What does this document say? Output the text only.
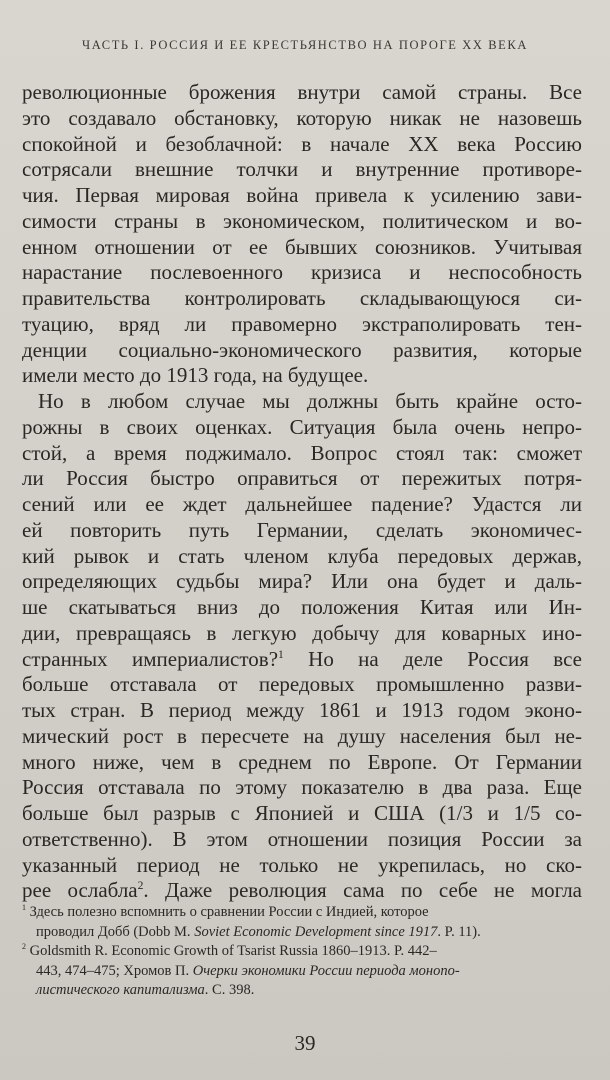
ЧАСТЬ I. РОССИЯ И ЕЕ КРЕСТЬЯНСТВО НА ПОРОГЕ XX ВЕКА
революционные брожения внутри самой страны. Все
это создавало обстановку, которую никак не назовешь
спокойной и безоблачной: в начале XX века Россию
сотрясали внешние толчки и внутренние противоре-
чия. Первая мировая война привела к усилению зави-
симости страны в экономическом, политическом и во-
енном отношении от ее бывших союзников. Учитывая
нарастание послевоенного кризиса и неспособность
правительства контролировать складывающуюся си-
туацию, вряд ли правомерно экстраполировать тен-
денции социально-экономического развития, которые
имели место до 1913 года, на будущее.
Но в любом случае мы должны быть крайне осто-
рожны в своих оценках. Ситуация была очень непро-
стой, а время поджимало. Вопрос стоял так: сможет
ли Россия быстро оправиться от пережитых потря-
сений или ее ждет дальнейшее падение? Удастся ли
ей повторить путь Германии, сделать экономичес-
кий рывок и стать членом клуба передовых держав,
определяющих судьбы мира? Или она будет и даль-
ше скатываться вниз до положения Китая или Ин-
дии, превращаясь в легкую добычу для коварных ино-
странных империалистов?$^1$ Но на деле Россия все
больше отставала от передовых промышленно разви-
тых стран. В период между 1861 и 1913 годом эконо-
мический рост в пересчете на душу населения был не-
много ниже, чем в среднем по Европе. От Германии
Россия отставала по этому показателю в два раза. Еще
больше был разрыв с Японией и США (1/3 и 1/5 со-
ответственно). В этом отношении позиция России за
указанный период не только не укрепилась, но ско-
рее ослабла$^2$. Даже революция сама по себе не могла
$^1$ Здесь полезно вспомнить о сравнении России с Индией, которое
проводил Добб (Dobb M. Soviet Economic Development since 1917. P. 11).
$^2$ Goldsmith R. Economic Growth of Tsarist Russia 1860–1913. P. 442–
443, 474–475; Хромов П. Очерки экономики России периода монопо-
листического капитализма. С. 398.
39
